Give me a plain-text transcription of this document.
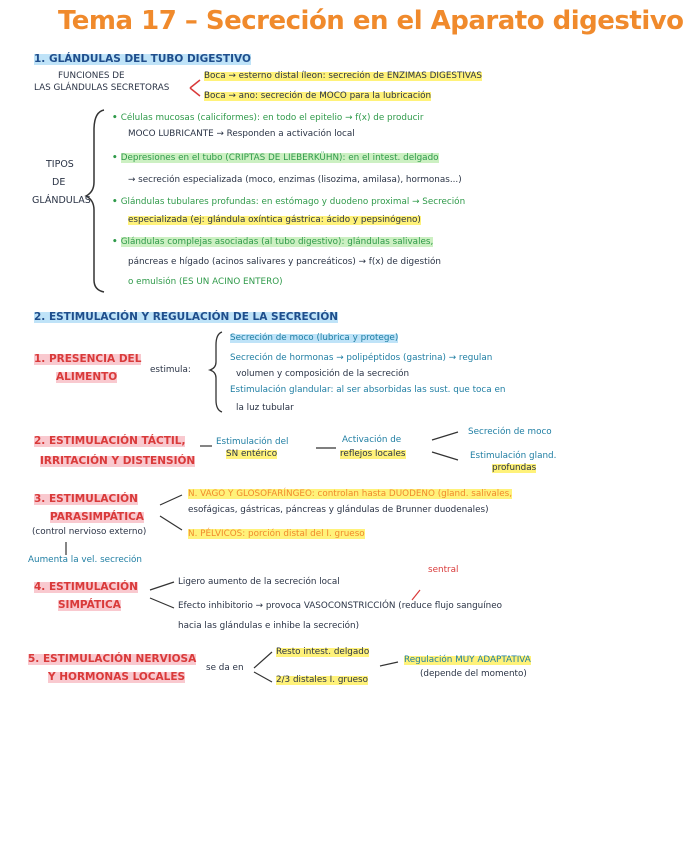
Tema 17 – Secreción en el Aparato digestivo
1. GLÁNDULAS DEL TUBO DIGESTIVO
FUNCIONES DE
LAS GLÁNDULAS SECRETORAS
Boca → esterno distal íleon: secreción de ENZIMAS DIGESTIVAS
Boca → ano: secreción de MOCO para la lubricación
TIPOS
DE
GLÁNDULAS
• Células mucosas (caliciformes): en todo el epitelio → f(x) de producir
MOCO LUBRICANTE → Responden a activación local
• Depresiones en el tubo (CRIPTAS DE LIEBERKÜHN): en el intest. delgado
→ secreción especializada (moco, enzimas (lisozima, amilasa), hormonas...)
• Glándulas tubulares profundas: en estómago y duodeno proximal → Secreción
especializada (ej: glándula oxíntica gástrica: ácido y pepsinógeno)
• Glándulas complejas asociadas (al tubo digestivo): glándulas salivales,
páncreas e hígado (acinos salivares y pancreáticos) → f(x) de digestión
o emulsión (ES UN ACINO ENTERO)
2. ESTIMULACIÓN Y REGULACIÓN DE LA SECRECIÓN
1. PRESENCIA DEL
ALIMENTO
estimula:
Secreción de moco (lubrica y protege)
Secreción de hormonas → polipéptidos (gastrina) → regulan
volumen y composición de la secreción
Estimulación glandular: al ser absorbidas las sust. que toca en
la luz tubular
2. ESTIMULACIÓN TÁCTIL,
IRRITACIÓN Y DISTENSIÓN
Estimulación del
SN entérico
Activación de
reflejos locales
Secreción de moco
Estimulación gland.
profundas
3. ESTIMULACIÓN
PARASIMPÁTICA
(control nervioso externo)
Aumenta la vel. secreción
N. VAGO Y GLOSOFARÍNGEO: controlan hasta DUODENO (gland. salivales,
esofágicas, gástricas, páncreas y glándulas de Brunner duodenales)
N. PÉLVICOS: porción distal del I. grueso
4. ESTIMULACIÓN
SIMPÁTICA
Ligero aumento de la secreción local
sentral
Efecto inhibitorio → provoca VASOCONSTRICCIÓN (reduce flujo sanguíneo
hacia las glándulas e inhibe la secreción)
5. ESTIMULACIÓN NERVIOSA
Y HORMONAS LOCALES
se da en
Resto intest. delgado
2/3 distales I. grueso
Regulación MUY ADAPTATIVA
(depende del momento)
